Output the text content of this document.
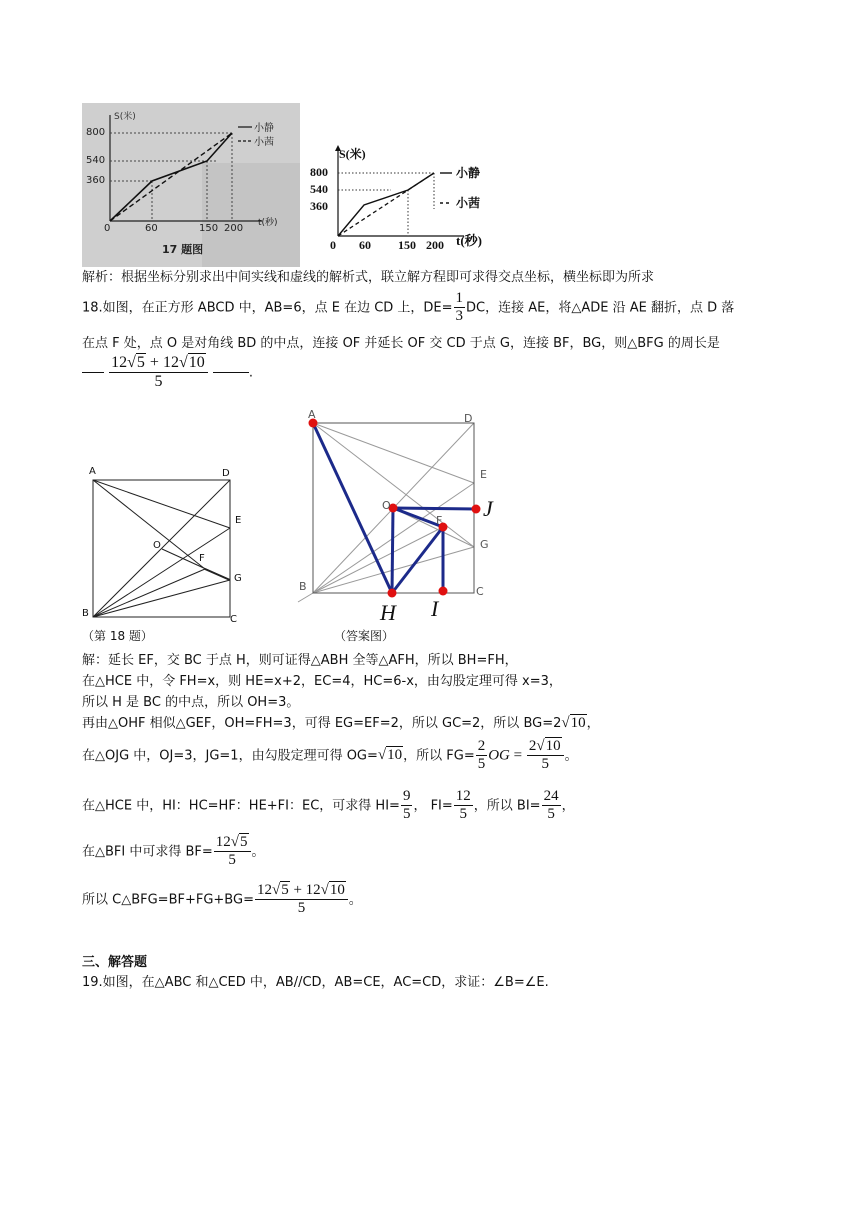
S(米)
800
540
360
0	60	150 200 t(秒)
小静
小茜
17 题图
S(米)
800
540
360
0 60 150 200 t(秒)
小静
小茜
解析：根据坐标分别求出中间实线和虚线的解析式，联立解方程即可求得交点坐标，横坐标即为所求
18.如图，在正方形 ABCD 中，AB=6，点 E 在边 CD 上，$DE= \frac{1}{3}$ DC，连接 AE，将△ADE 沿 AE 翻折，点 D 落
在点 F 处，点 O 是对角线 BD 的中点，连接 OF 并延长 OF 交 CD 于点 G，连接 BF，BG，则△BFG 的周长是

$\frac{12√5 + 12√10}{5}$	.
A	D
E
O
F
G
B
C
（第 18 题）
A	D
E
O
F
G
B	C
H I
J
（答案图）
解：延长 EF，交 BC 于点 H，则可证得△ABH 全等△AFH，所以 BH=FH，
在△HCE 中，令 FH=x，则 HE=x+2，EC=4，HC=6-x，由勾股定理可得 x=3，
所以 H 是 BC 的中点，所以 OH=3。
再由△OHF 相似△GEF，OH=FH=3，可得 EG=EF=2，所以 GC=2，所以 BG=2√10，
在△OJG 中，OJ=3，JG=1，由勾股定理可得 OG=√10，所以 $FG= \frac{2}{5}$ OG = $\frac{2√10}{5}$ 。
在△HCE 中，HI：HC=HF：HE+FI：EC，可求得 $HI= \frac{9}{5}$ ， $FI= \frac{12}{5}$ ，所以 $BI= \frac{24}{5}$ ，
在△BFI 中可求得 $BF= \frac{12√5}{5}$ 。
所以 C△BFG=BF+FG+BG= $\frac{12√5 + 12√10}{5}$ 。
三、解答题
19.如图，在△ABC 和△CED 中，AB//CD，AB=CE，AC=CD，求证：∠B=∠E.
